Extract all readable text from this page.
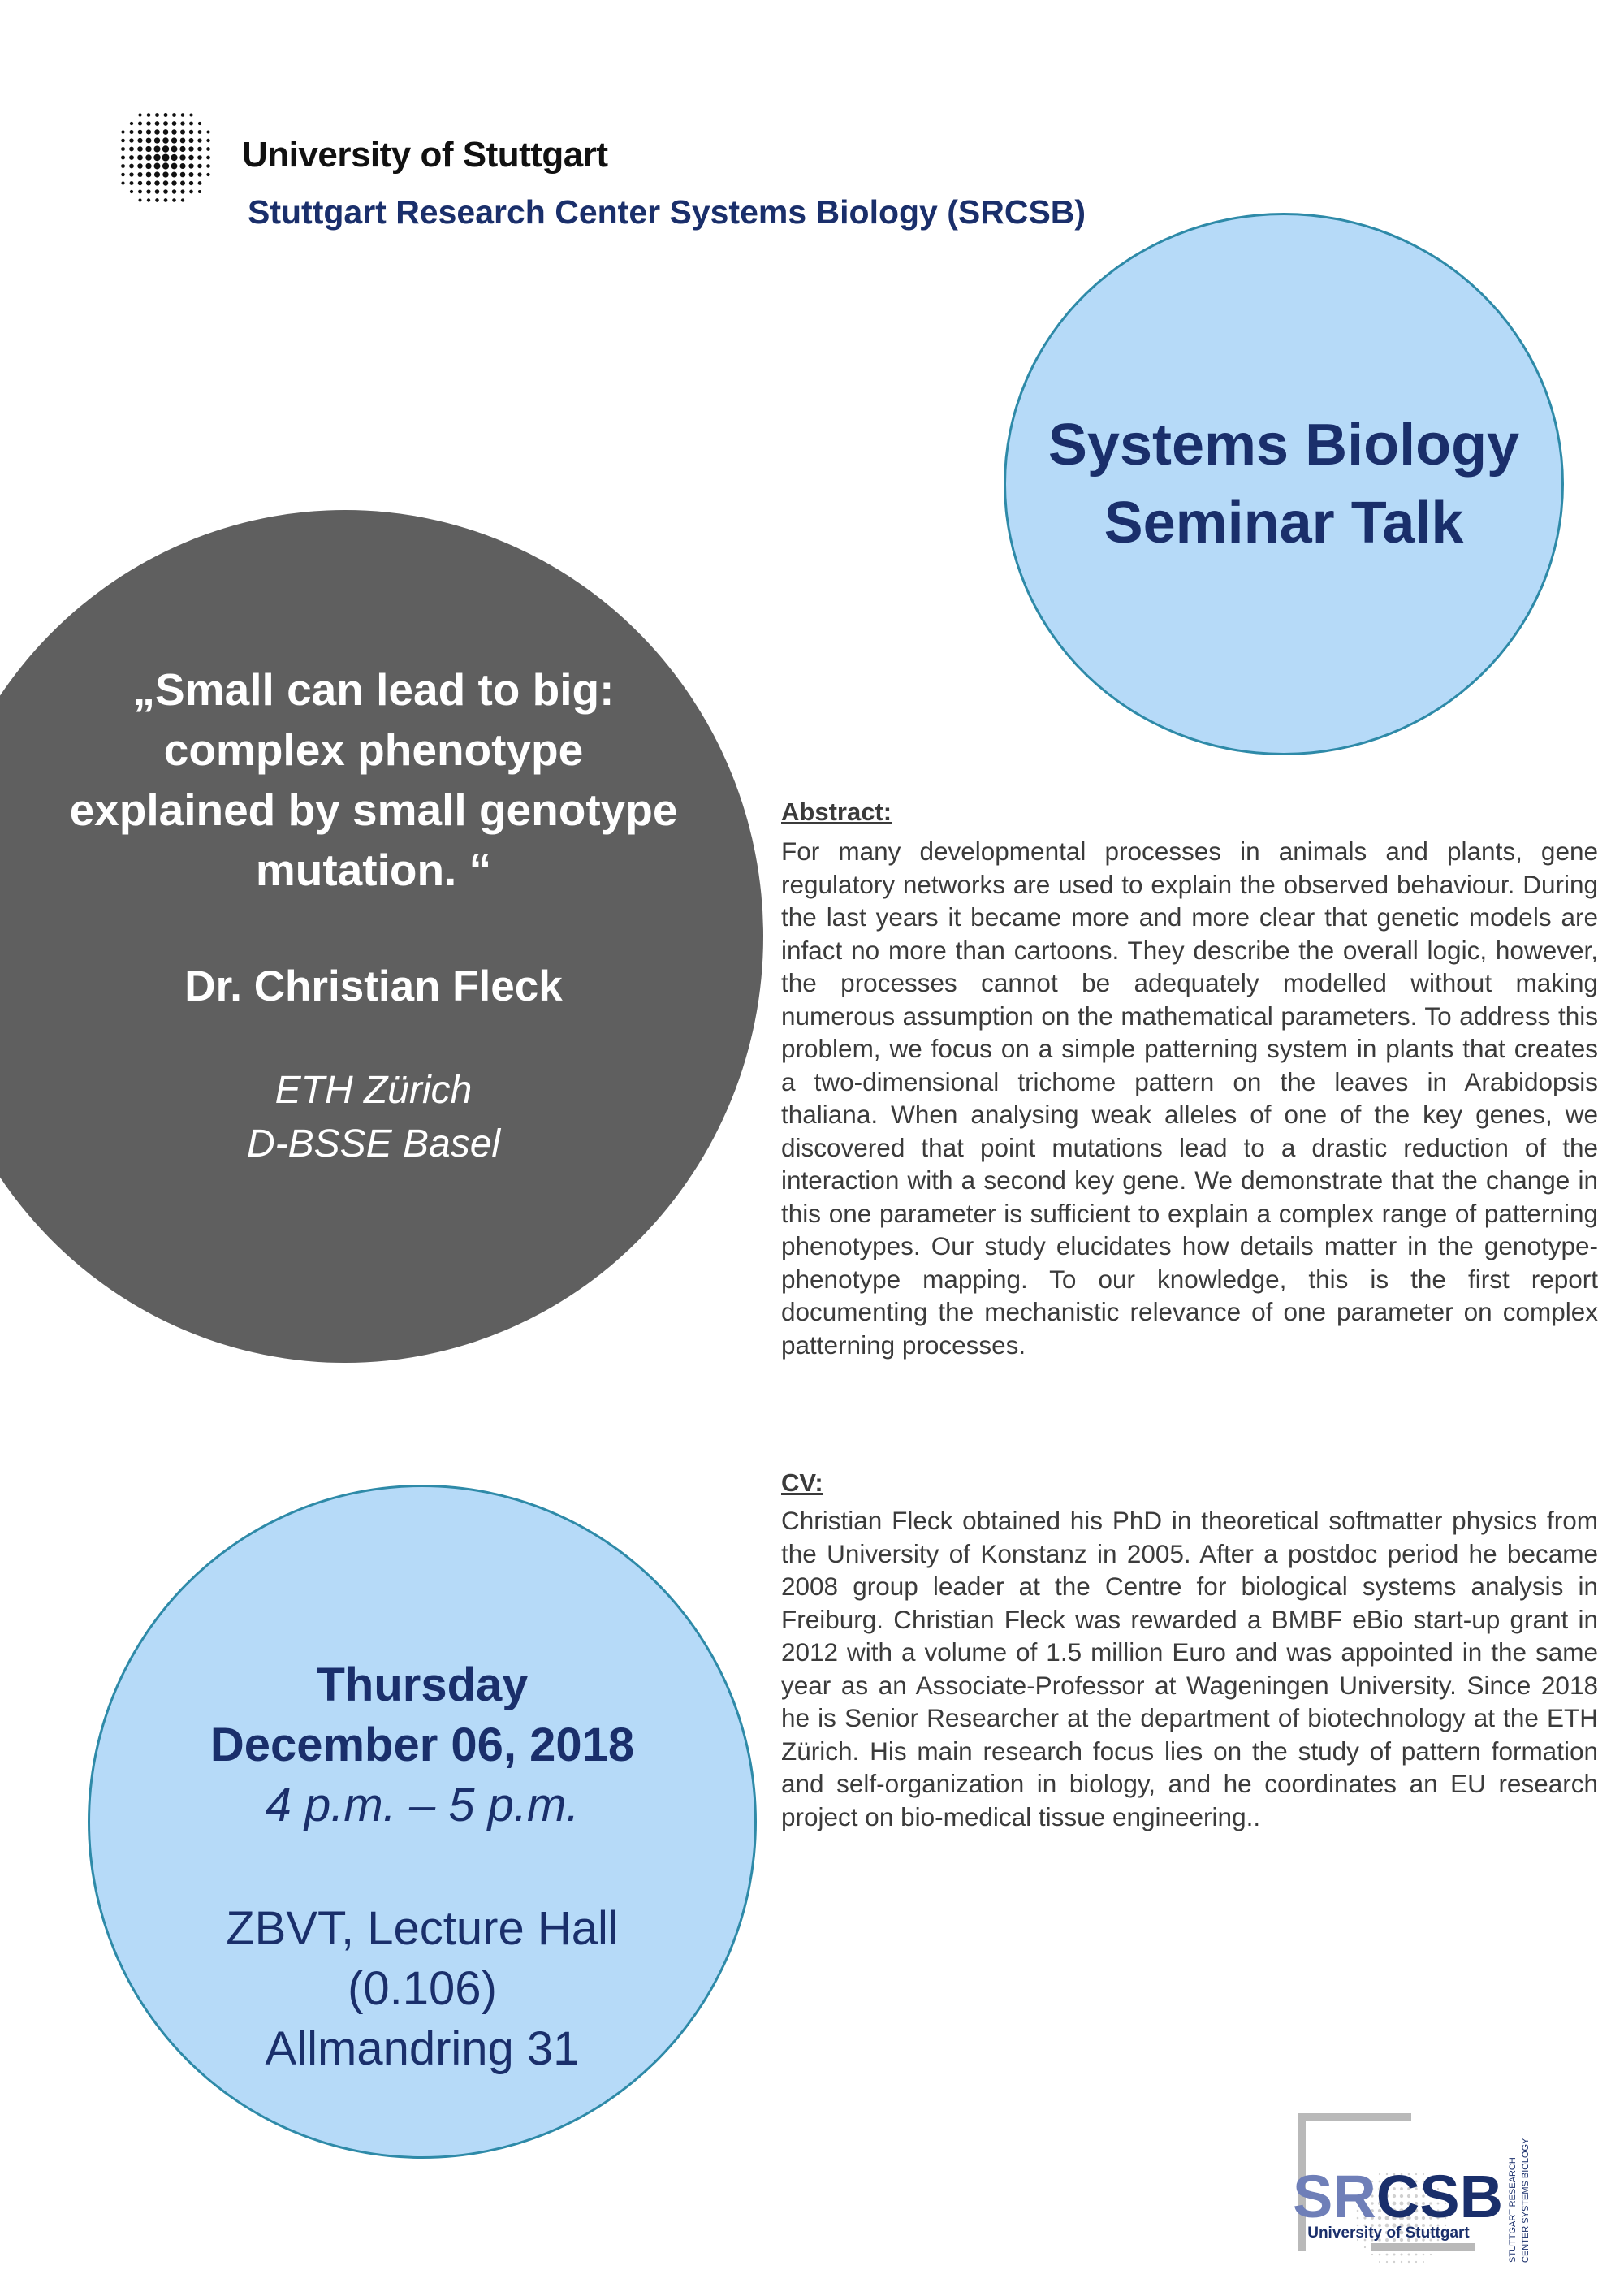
University of Stuttgart
Stuttgart Research Center Systems Biology (SRCSB)
Systems Biology
Seminar Talk
„Small can lead to big:
complex phenotype
explained by small genotype
mutation. “
Dr. Christian Fleck
ETH Zürich
D-BSSE Basel
Thursday
December 06, 2018
4 p.m. – 5 p.m.
ZBVT, Lecture Hall
(0.106)
Allmandring 31
Abstract:
For many developmental processes in animals and plants, gene regulatory networks are used to explain the observed behaviour. During the last years it became more and more clear that genetic models are infact no more than cartoons. They describe the overall logic, however, the processes cannot be adequately modelled without making numerous assumption on the mathematical parameters. To address this problem, we focus on a simple patterning system in plants that creates a two-dimensional trichome pattern on the leaves in Arabidopsis thaliana. When analysing weak alleles of one of the key genes, we discovered that point mutations lead to a drastic reduction of the interaction with a second key gene. We demonstrate that the change in this one parameter is sufficient to explain a complex range of patterning phenotypes. Our study elucidates how details matter in the genotype-phenotype mapping. To our knowledge, this is the first report documenting the mechanistic relevance of one parameter on complex patterning processes.
CV:
Christian Fleck obtained his PhD in theoretical softmatter physics from the University of Konstanz in 2005. After a postdoc period he became 2008 group leader at the Centre for biological systems analysis in Freiburg. Christian Fleck was rewarded a BMBF eBio start-up grant in 2012 with a volume of 1.5 million Euro and was appointed in the same year as an Associate-Professor at Wageningen University. Since 2018 he is Senior Researcher at the department of biotechnology at the ETH Zürich. His main research focus lies on the study of pattern formation and self-organization in biology, and he coordinates an EU research project on bio-medical tissue engineering..
SRCSB
University of Stuttgart	STUTTGART RESEARCH CENTER SYSTEMS BIOLOGY
